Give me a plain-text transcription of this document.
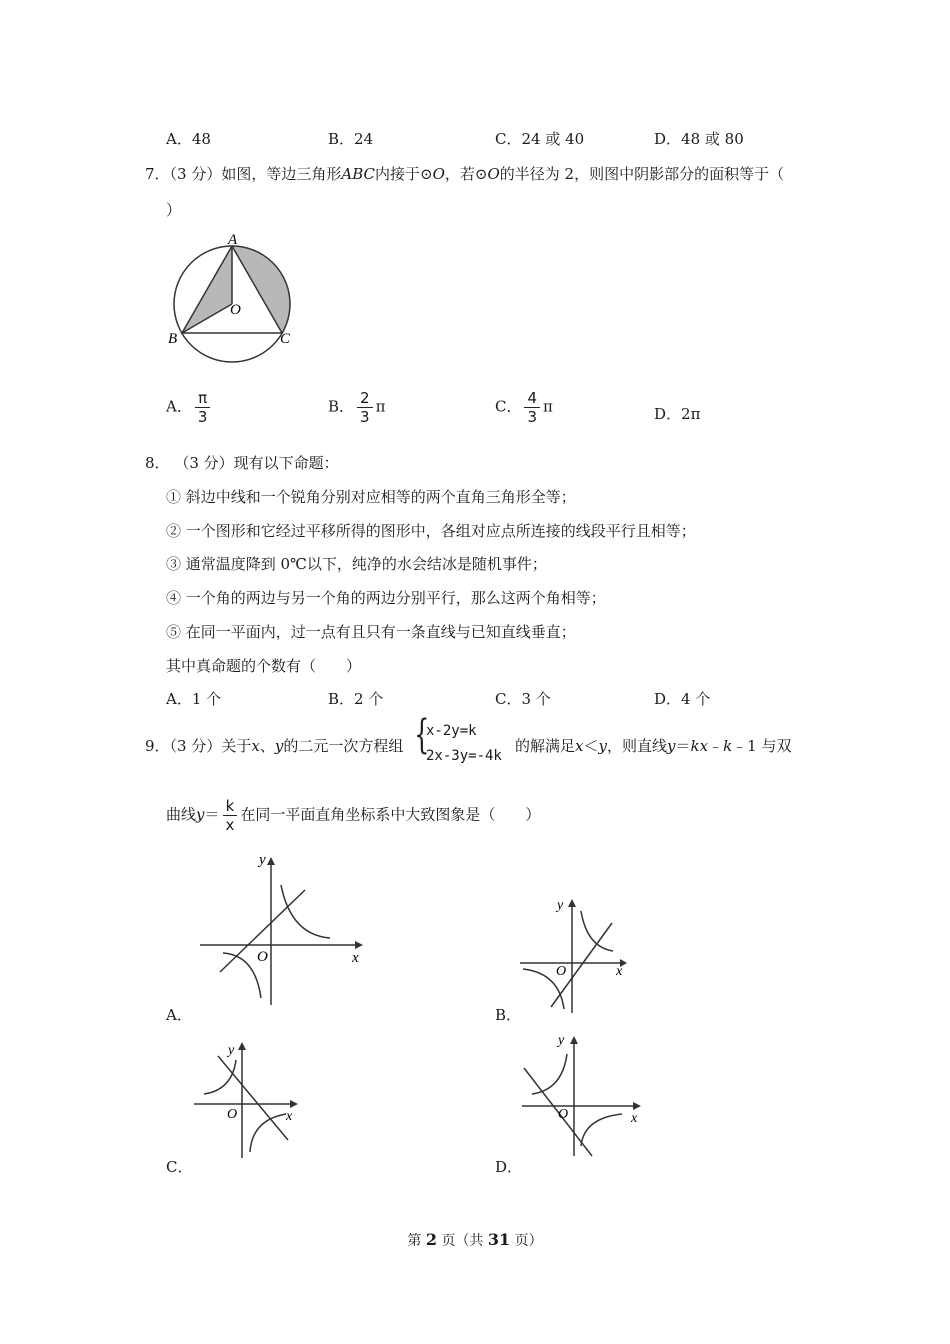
A．48	B．24	C．24 或 40	D．48 或 80
7．（3 分）如图，等边三角形ABC内接于⊙O，若⊙O的半径为 2，则图中阴影部分的面积等于（
）
A
B	C
O
A． $\frac{\pi}{3}$	B． $\frac{2}{3}$ π	C． $\frac{4}{3}$ π	D．2π
8． （3 分）现有以下命题：
① 斜边中线和一个锐角分别对应相等的两个直角三角形全等；
② 一个图形和它经过平移所得的图形中，各组对应点所连接的线段平行且相等；
③ 通常温度降到 0℃以下，纯净的水会结冰是随机事件；
④ 一个角的两边与另一个角的两边分别平行，那么这两个角相等；
⑤ 在同一平面内，过一点有且只有一条直线与已知直线垂直；
其中真命题的个数有（　　）
A．1 个	B．2 个	C．3 个	D．4 个
9．（3 分）关于x、y的二元一次方程组 {
x-2y=k
2x-3y=-4k
的解满足x＜y，则直线y＝kx﹣k﹣1 与双
曲线$y= \frac{k}{x}$ 在同一平面直角坐标系中大致图象是（　　）
x
y
O
A．
x
y
O
B．
x
y
O
C．
x
y
O
D．
第 2 页（共 31 页）
